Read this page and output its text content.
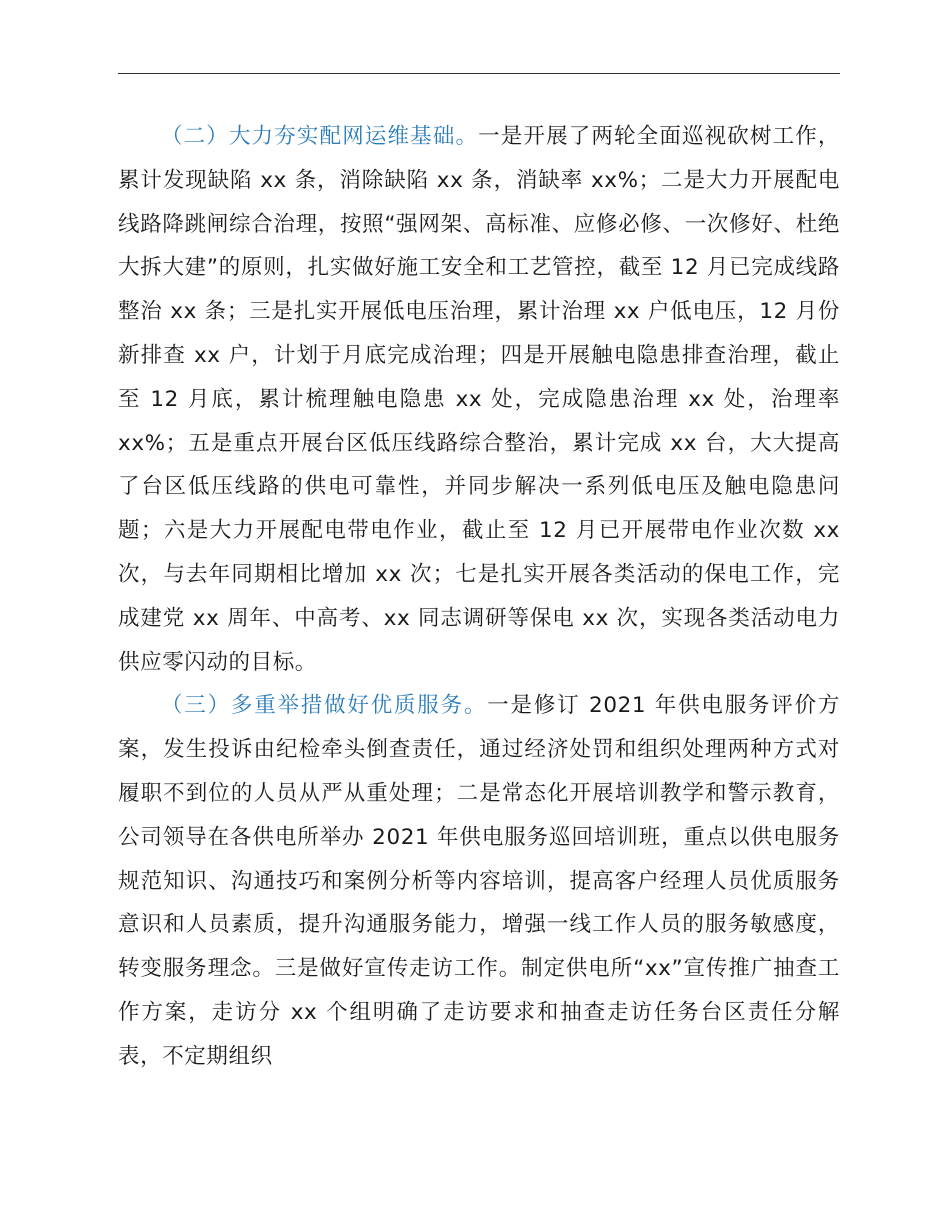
（二）大力夯实配网运维基础。一是开展了两轮全面巡视砍树工作，累计发现缺陷 xx 条，消除缺陷 xx 条，消缺率 xx%；二是大力开展配电线路降跳闸综合治理，按照“强网架、高标准、应修必修、一次修好、杜绝大拆大建”的原则，扎实做好施工安全和工艺管控，截至 12 月已完成线路整治 xx 条；三是扎实开展低电压治理，累计治理 xx 户低电压，12 月份新排查 xx 户，计划于月底完成治理；四是开展触电隐患排查治理，截止至 12 月底，累计梳理触电隐患 xx 处，完成隐患治理 xx 处，治理率 xx%；五是重点开展台区低压线路综合整治，累计完成 xx 台，大大提高了台区低压线路的供电可靠性，并同步解决一系列低电压及触电隐患问题；六是大力开展配电带电作业，截止至 12 月已开展带电作业次数 xx 次，与去年同期相比增加 xx 次；七是扎实开展各类活动的保电工作，完成建党 xx 周年、中高考、xx 同志调研等保电 xx 次，实现各类活动电力供应零闪动的目标。

（三）多重举措做好优质服务。一是修订 2021 年供电服务评价方案，发生投诉由纪检牵头倒查责任，通过经济处罚和组织处理两种方式对履职不到位的人员从严从重处理；二是常态化开展培训教学和警示教育，公司领导在各供电所举办 2021 年供电服务巡回培训班，重点以供电服务规范知识、沟通技巧和案例分析等内容培训，提高客户经理人员优质服务意识和人员素质，提升沟通服务能力，增强一线工作人员的服务敏感度，转变服务理念。三是做好宣传走访工作。制定供电所“xx”宣传推广抽查工作方案，走访分 xx 个组明确了走访要求和抽查走访任务台区责任分解表，不定期组织
